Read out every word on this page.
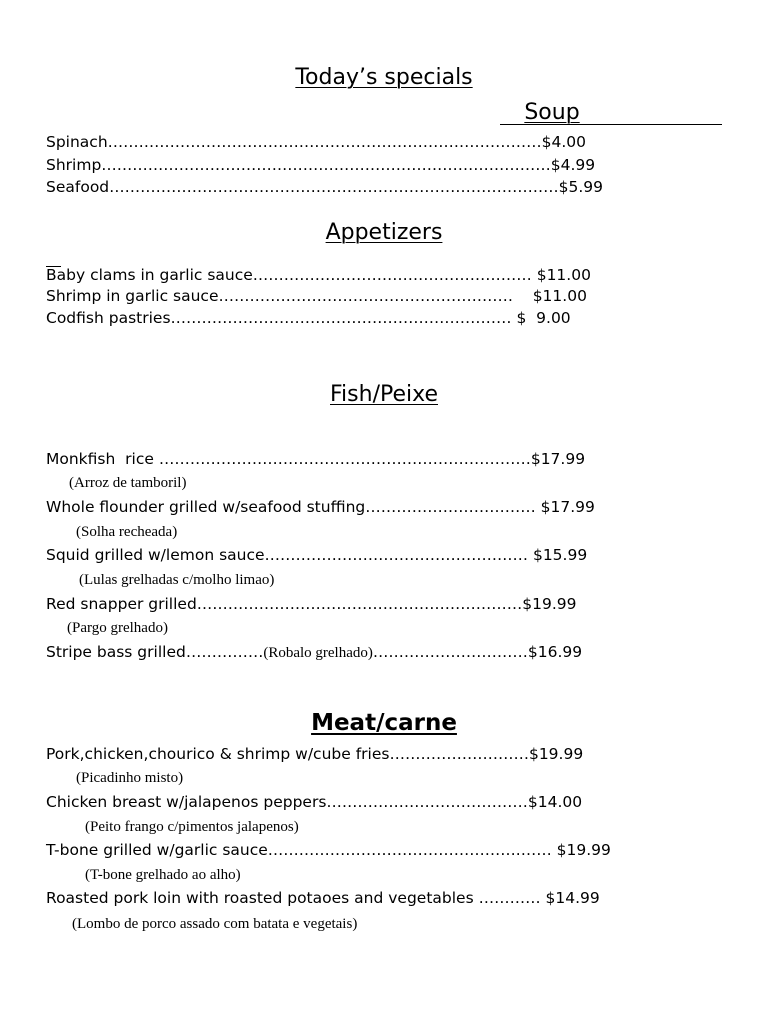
Today’s specials
Soup
Spinach…………………………………………………………………………$4.00
Shrimp……………………………………………………………………………$4.99
Seafood……………………………………………………………………………$5.99
Appetizers
Baby clams in garlic sauce……………………………………………… $11.00
Shrimp in garlic sauce…………………………………………………    $11.00
Codfish pastries………………………………………………………… $  9.00
Fish/Peixe
Monkfish  rice ………………………………………………………………$17.99
(Arroz de tamboril)
Whole flounder grilled w/seafood stuffing…………………………… $17.99
(Solha recheada)
Squid grilled w/lemon sauce…………………………………………… $15.99
(Lulas grelhadas c/molho limao)
Red snapper grilled………………………………………………………$19.99
(Pargo grelhado)
Stripe bass grilled……………(Robalo grelhado)…………………………$16.99
Meat/carne
Pork,chicken,chourico & shrimp w/cube fries………………………$19.99
(Picadinho misto)
Chicken breast w/jalapenos peppers…………………………………$14.00
(Peito frango c/pimentos jalapenos)
T-bone grilled w/garlic sauce………………………………………….…… $19.99
(T-bone grelhado ao alho)
Roasted pork loin with roasted potaoes and vegetables ………… $14.99
(Lombo de porco assado com batata e vegetais)
